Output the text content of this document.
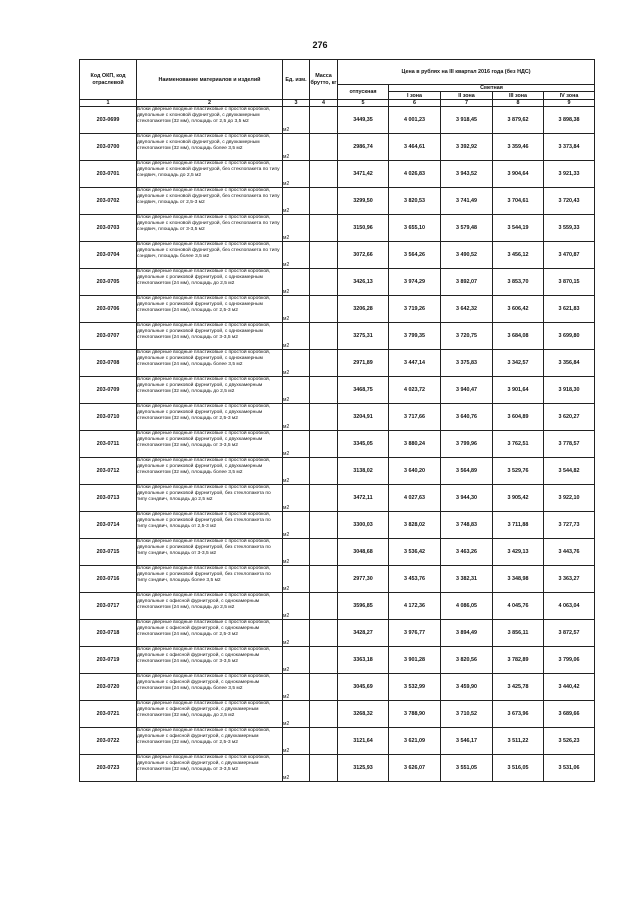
276
Код ОКП, код отраслевой	Наименование материалов и изделий	Ед. изм.	Масса брутто, кг	Цена в рублях на III квартал 2016 года (без НДС)				
				отпускная	Сметная			
					I зона	II зона	III зона	IV зона
1	2	3	4	5	6	7	8	9
203-0699	Блоки дверные входные пластиковые с простой коробкой, двупольные с клоновой фурнитурой, с двухкамерным стеклопакетом (32 мм), площадь от 2,5 до 3,5 м2	м2		3449,35	4 001,23	3 918,45	3 879,62	3 898,38
203-0700	Блоки дверные входные пластиковые с простой коробкой, двупольные с клоновой фурнитурой, с двухкамерным стеклопакетом (32 мм), площадь более 3,5 м2	м2		2986,74	3 464,61	3 392,92	3 359,46	3 373,84
203-0701	Блоки дверные входные пластиковые с простой коробкой, двупольные с клоновой фурнитурой, без стеклопакета по типу сэндвич, площадь до 2,5 м2	м2		3471,42	4 026,83	3 943,52	3 904,64	3 921,33
203-0702	Блоки дверные входные пластиковые с простой коробкой, двупольные с клоновой фурнитурой, без стеклопакета по типу сэндвич, площадь от 2,5-3 м2	м2		3299,50	3 820,53	3 741,49	3 704,61	3 720,43
203-0703	Блоки дверные входные пластиковые с простой коробкой, двупольные с клоновой фурнитурой, без стеклопакета по типу сэндвич, площадь от 3-3,5 м2	м2		3150,96	3 655,10	3 579,48	3 544,19	3 559,33
203-0704	Блоки дверные входные пластиковые с простой коробкой, двупольные с клоновой фурнитурой, без стеклопакета по типу сэндвич, площадь более 3,5 м2	м2		3072,66	3 564,26	3 490,52	3 456,12	3 470,87
203-0705	Блоки дверные входные пластиковые с простой коробкой, двупольные с роликовой фурнитурой, с однокамерным стеклопакетом (24 мм), площадь до 2,5 м2	м2		3426,13	3 974,29	3 892,07	3 853,70	3 870,15
203-0706	Блоки дверные входные пластиковые с простой коробкой, двупольные с роликовой фурнитурой, с однокамерным стеклопакетом (24 мм), площадь от 2,5-3 м2	м2		3206,28	3 719,26	3 642,32	3 606,42	3 621,83
203-0707	Блоки дверные входные пластиковые с простой коробкой, двупольные с роликовой фурнитурой, с однокамерным стеклопакетом (24 мм), площадь от 3-3,5 м2	м2		3275,31	3 799,35	3 720,75	3 684,08	3 699,80
203-0708	Блоки дверные входные пластиковые с простой коробкой, двупольные с роликовой фурнитурой, с однокамерным стеклопакетом (24 мм), площадь более 3,5 м2	м2		2971,89	3 447,14	3 375,83	3 342,57	3 356,84
203-0709	Блоки дверные входные пластиковые с простой коробкой, двупольные с роликовой фурнитурой, с двухкамерным стеклопакетом (32 мм), площадь до 2,5 м2	м2		3468,75	4 023,72	3 940,47	3 901,64	3 918,30
203-0710	Блоки дверные входные пластиковые с простой коробкой, двупольные с роликовой фурнитурой, с двухкамерным стеклопакетом (32 мм), площадь от 2,5-3 м2	м2		3204,91	3 717,66	3 640,76	3 604,89	3 620,27
203-0711	Блоки дверные входные пластиковые с простой коробкой, двупольные с роликовой фурнитурой, с двухкамерным стеклопакетом (32 мм), площадь от 3-3,5 м2	м2		3345,05	3 880,24	3 799,96	3 762,51	3 778,57
203-0712	Блоки дверные входные пластиковые с простой коробкой, двупольные с роликовой фурнитурой, с двухкамерным стеклопакетом (32 мм), площадь более 3,5 м2	м2		3138,02	3 640,20	3 564,89	3 529,76	3 544,82
203-0713	Блоки дверные входные пластиковые с простой коробкой, двупольные с роликовой фурнитурой, без стеклопакета по типу сэндвич, площадь до 2,5 м2	м2		3472,11	4 027,63	3 944,30	3 905,42	3 922,10
203-0714	Блоки дверные входные пластиковые с простой коробкой, двупольные с роликовой фурнитурой, без стеклопакета по типу сэндвич, площадь от 2,5-3 м2	м2		3300,03	3 828,02	3 748,83	3 711,88	3 727,73
203-0715	Блоки дверные входные пластиковые с простой коробкой, двупольные с роликовой фурнитурой, без стеклопакета по типу сэндвич, площадь от 3-3,5 м2	м2		3048,68	3 536,42	3 463,26	3 429,13	3 443,76
203-0716	Блоки дверные входные пластиковые с простой коробкой, двупольные с роликовой фурнитурой, без стеклопакета по типу сэндвич, площадь более 3,5 м2	м2		2977,30	3 453,76	3 382,31	3 348,98	3 363,27
203-0717	Блоки дверные входные пластиковые с простой коробкой, двупольные с офисной фурнитурой, с однокамерным стеклопакетом (24 мм), площадь до 2,5 м2	м2		3596,85	4 172,36	4 086,05	4 045,76	4 063,04
203-0718	Блоки дверные входные пластиковые с простой коробкой, двупольные с офисной фурнитурой, с однокамерным стеклопакетом (24 мм), площадь от 2,5-3 м2	м2		3428,27	3 976,77	3 894,49	3 856,11	3 872,57
203-0719	Блоки дверные входные пластиковые с простой коробкой, двупольные с офисной фурнитурой, с однокамерным стеклопакетом (24 мм), площадь от 3-3,5 м2	м2		3363,18	3 901,28	3 820,56	3 782,89	3 799,06
203-0720	Блоки дверные входные пластиковые с простой коробкой, двупольные с офисной фурнитурой, с однокамерным стеклопакетом (24 мм), площадь более 3,5 м2	м2		3045,69	3 532,99	3 459,90	3 425,78	3 440,42
203-0721	Блоки дверные входные пластиковые с простой коробкой, двупольные с офисной фурнитурой, с двухкамерным стеклопакетом (32 мм), площадь до 2,5 м2	м2		3268,32	3 788,90	3 710,52	3 673,96	3 689,66
203-0722	Блоки дверные входные пластиковые с простой коробкой, двупольные с офисной фурнитурой, с двухкамерным стеклопакетом (32 мм), площадь от 2,5-3 м2	м2		3121,64	3 621,09	3 546,17	3 511,22	3 526,23
203-0723	Блоки дверные входные пластиковые с простой коробкой, двупольные с офисной фурнитурой, с двухкамерным стеклопакетом (32 мм), площадь от 3-3,5 м2	м2		3125,93	3 626,07	3 551,05	3 516,05	3 531,06
